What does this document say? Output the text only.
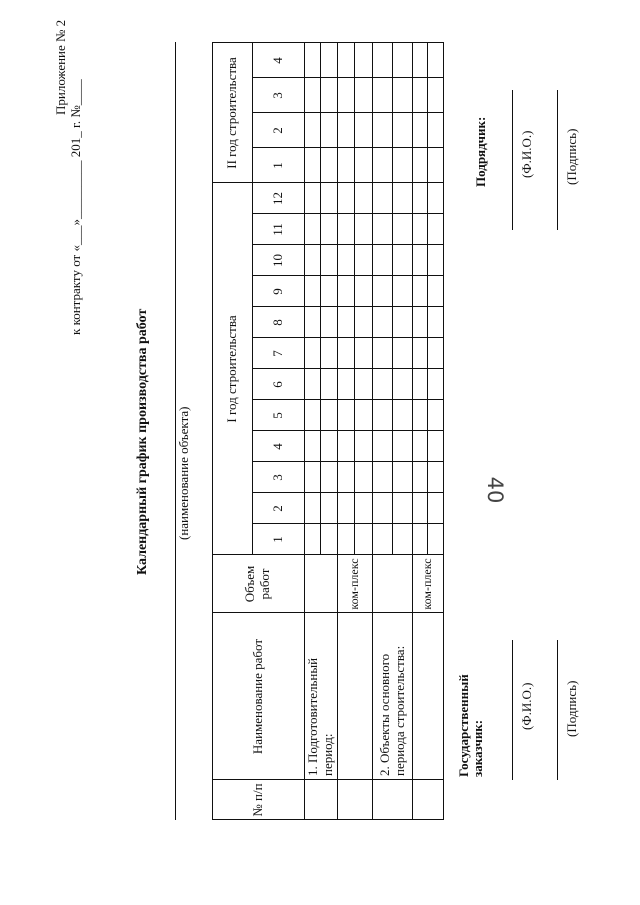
40
Приложение № 2
к контракту от «___»_________ 201_ г. №____
Календарный график производства работ (наименование объекта)
№ п/п
Наименование работ
Объем работ
I год строительства
II год строительства
1
2
3
4
5
6
7
8
9
10
11
12
1
2
3
4
1. Подготовительный период:
ком-плекс
2. Объекты основного периода строительства:
ком-плекс
Государственный заказчик:
(Ф.И.О.) (Подпись)
Подрядчик: (Ф.И.О.) (Подпись)
